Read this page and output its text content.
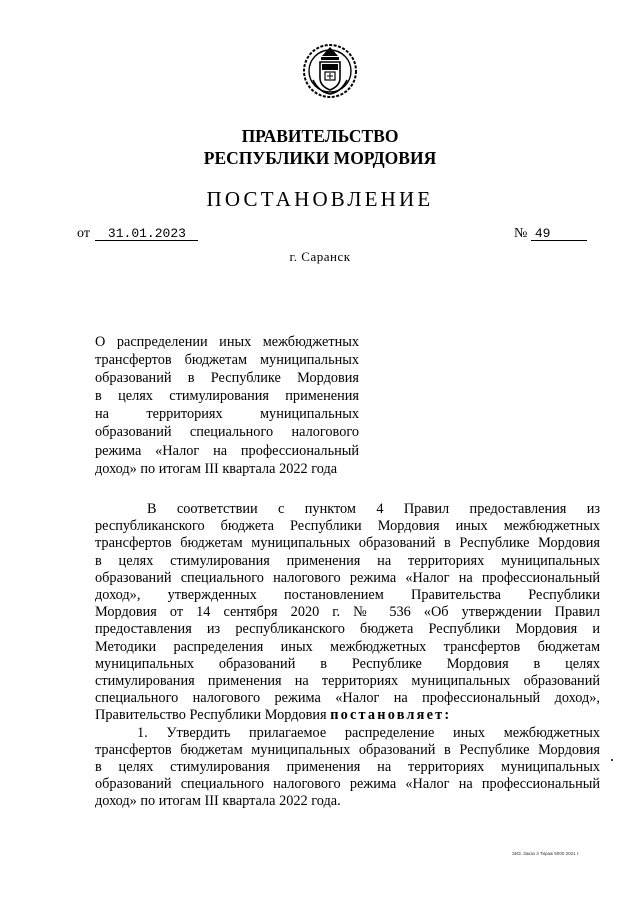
ПРАВИТЕЛЬСТВО
РЕСПУБЛИКИ МОРДОВИЯ
ПОСТАНОВЛЕНИЕ
от 31.01.2023	№ 49
г. Саранск
О распределении иных межбюджетных
трансфертов бюджетам муниципальных
образований в Республике Мордовия
в целях стимулирования применения
на территориях муниципальных
образований специального налогового
режима «Налог на профессиональный
доход» по итогам III квартала 2022 года
В соответствии с пунктом 4 Правил предоставления из
республиканского бюджета Республики Мордовия иных межбюджетных
трансфертов бюджетам муниципальных образований в Республике Мордовия
в целях стимулирования применения на территориях муниципальных
образований специального налогового режима «Налог на профессиональный
доход», утвержденных постановлением Правительства Республики
Мордовия от 14 сентября 2020 г. № 536 «Об утверждении Правил
предоставления из республиканского бюджета Республики Мордовия и
Методики распределения иных межбюджетных трансфертов бюджетам
муниципальных образований в Республике Мордовия в целях
стимулирования применения на территориях муниципальных образований
специального налогового режима «Налог на профессиональный доход»,
Правительство Республики Мордовия постановляет:
1. Утвердить прилагаемое распределение иных межбюджетных
трансфертов бюджетам муниципальных образований в Республике Мордовия
в целях стимулирования применения на территориях муниципальных
образований специального налогового режима «Налог на профессиональный
доход» по итогам III квартала 2022 года.
ЗИЗ. Заказ 3 Тираж 5000 2021 г.
